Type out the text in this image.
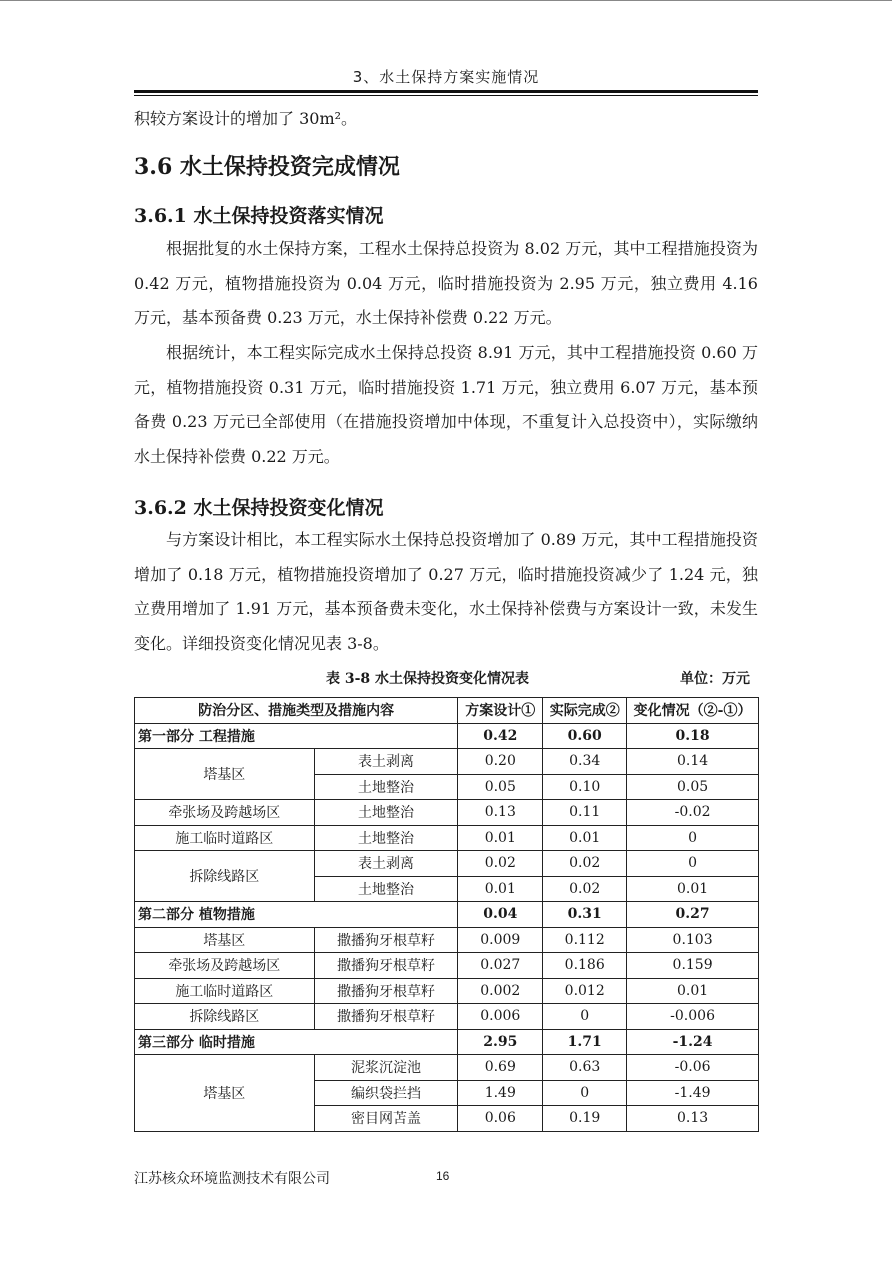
3、水土保持方案实施情况

积较方案设计的增加了 30m²。

3.6 水土保持投资完成情况
3.6.1 水土保持投资落实情况

根据批复的水土保持方案，工程水土保持总投资为 8.02 万元，其中工程措施投资为 0.42 万元，植物措施投资为 0.04 万元，临时措施投资为 2.95 万元，独立费用 4.16 万元，基本预备费 0.23 万元，水土保持补偿费 0.22 万元。

根据统计，本工程实际完成水土保持总投资 8.91 万元，其中工程措施投资 0.60 万元，植物措施投资 0.31 万元，临时措施投资 1.71 万元，独立费用 6.07 万元，基本预备费 0.23 万元已全部使用（在措施投资增加中体现，不重复计入总投资中），实际缴纳水土保持补偿费 0.22 万元。

3.6.2 水土保持投资变化情况

与方案设计相比，本工程实际水土保持总投资增加了 0.89 万元，其中工程措施投资增加了 0.18 万元，植物措施投资增加了 0.27 万元，临时措施投资减少了 1.24 元，独立费用增加了 1.91 万元，基本预备费未变化，水土保持补偿费与方案设计一致，未发生变化。详细投资变化情况见表 3-8。

表 3-8 水土保持投资变化情况表	单位：万元
防治分区、措施类型及措施内容		方案设计①	实际完成②	变化情况（②-①）
第一部分 工程措施		0.42	0.60	0.18
塔基区	表土剥离	0.20	0.34	0.14
	土地整治	0.05	0.10	0.05
牵张场及跨越场区	土地整治	0.13	0.11	-0.02
施工临时道路区	土地整治	0.01	0.01	0
拆除线路区	表土剥离	0.02	0.02	0
	土地整治	0.01	0.02	0.01
第二部分 植物措施		0.04	0.31	0.27
塔基区	撒播狗牙根草籽	0.009	0.112	0.103
牵张场及跨越场区	撒播狗牙根草籽	0.027	0.186	0.159
施工临时道路区	撒播狗牙根草籽	0.002	0.012	0.01
拆除线路区	撒播狗牙根草籽	0.006	0	-0.006
第三部分 临时措施		2.95	1.71	-1.24
塔基区	泥浆沉淀池	0.69	0.63	-0.06
	编织袋拦挡	1.49	0	-1.49
	密目网苫盖	0.06	0.19	0.13
江苏核众环境监测技术有限公司	16
